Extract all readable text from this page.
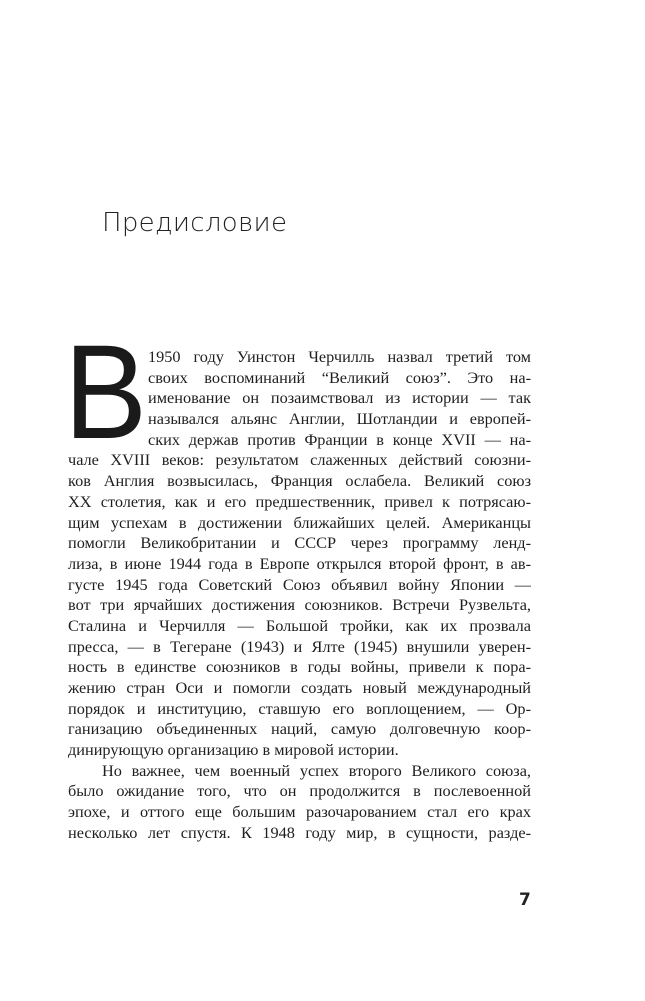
Предисловие
В 1950 году Уинстон Черчилль назвал третий том
своих воспоминаний “Великий союз”. Это на-
именование он позаимствовал из истории — так
назывался альянс Англии, Шотландии и европей-
ских держав против Франции в конце XVII — на-
чале XVIII веков: результатом слаженных действий союзни-
ков Англия возвысилась, Франция ослабела. Великий союз
XX столетия, как и его предшественник, привел к потрясаю-
щим успехам в достижении ближайших целей. Американцы
помогли Великобритании и СССР через программу ленд-
лиза, в июне 1944 года в Европе открылся второй фронт, в ав-
густе 1945 года Советский Союз объявил войну Японии —
вот три ярчайших достижения союзников. Встречи Рузвельта,
Сталина и Черчилля — Большой тройки, как их прозвала
пресса, — в Тегеране (1943) и Ялте (1945) внушили уверен-
ность в единстве союзников в годы войны, привели к пора-
жению стран Оси и помогли создать новый международный
порядок и институцию, ставшую его воплощением, — Ор-
ганизацию объединенных наций, самую долговечную коор-
динирующую организацию в мировой истории.
Но важнее, чем военный успех второго Великого союза,
было ожидание того, что он продолжится в послевоенной
эпохе, и оттого еще большим разочарованием стал его крах
несколько лет спустя. К 1948 году мир, в сущности, разде-
7
